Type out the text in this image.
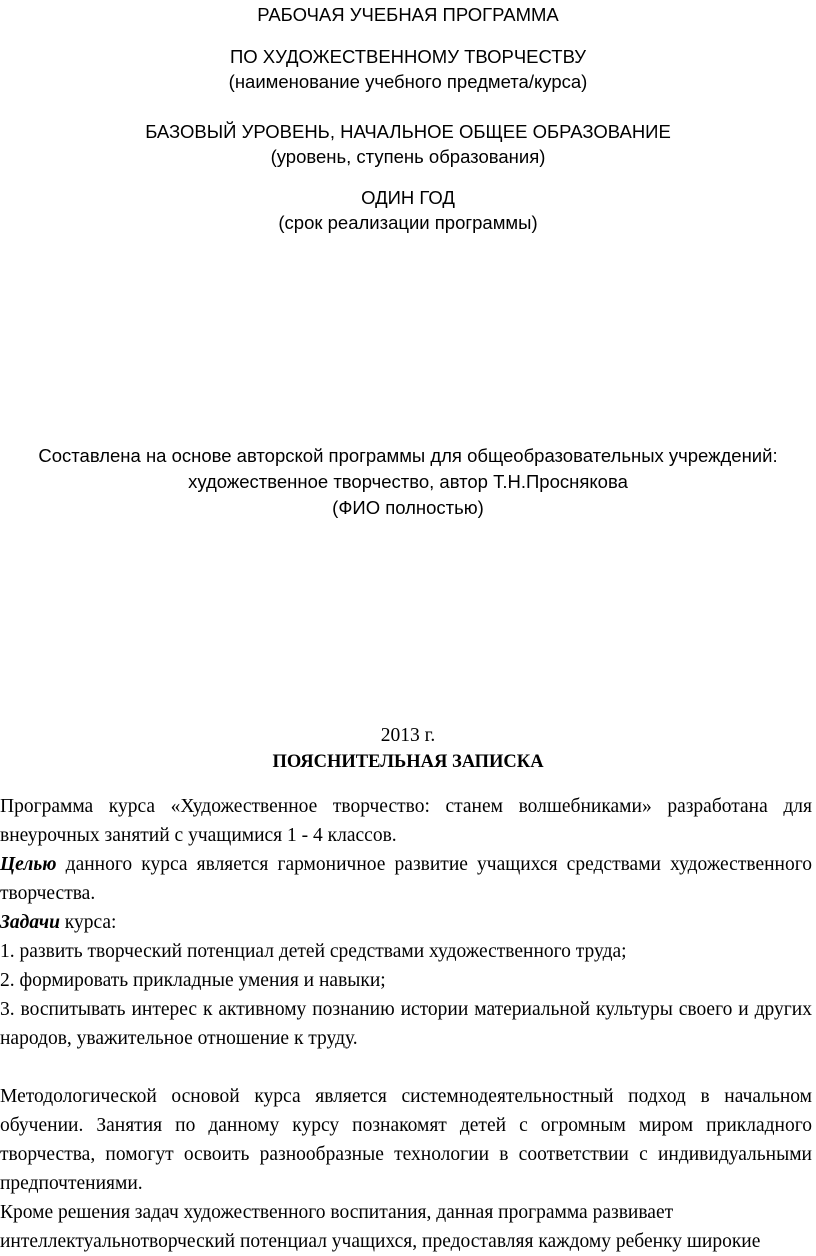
РАБОЧАЯ УЧЕБНАЯ ПРОГРАММА
ПО ХУДОЖЕСТВЕННОМУ ТВОРЧЕСТВУ
(наименование учебного предмета/курса)
БАЗОВЫЙ УРОВЕНЬ, НАЧАЛЬНОЕ ОБЩЕЕ ОБРАЗОВАНИЕ
(уровень, ступень образования)
ОДИН ГОД
(срок реализации программы)
Составлена на основе авторской программы для общеобразовательных учреждений:
художественное творчество, автор Т.Н.Проснякова
(ФИО полностью)
2013 г.
ПОЯСНИТЕЛЬНАЯ ЗАПИСКА

Программа курса «Художественное творчество: станем волшебниками» разработана для внеурочных занятий с учащимися 1 - 4 классов.

Целью данного курса является гармоничное развитие учащихся средствами художественного творчества.

Задачи курса:

1. развить творческий потенциал детей средствами художественного труда;

2. формировать прикладные умения и навыки;

3. воспитывать интерес к активному познанию истории материальной культуры своего и других народов, уважительное отношение к труду.

Методологической основой курса является системнодеятельностный подход в начальном обучении. Занятия по данному курсу познакомят детей с огромным миром прикладного творчества, помогут освоить разнообразные технологии в соответствии с индивидуальными предпочтениями.

Кроме решения задач художественного воспитания, данная программа развивает

интеллектуальнотворческий потенциал учащихся, предоставляя каждому ребенку широкие
